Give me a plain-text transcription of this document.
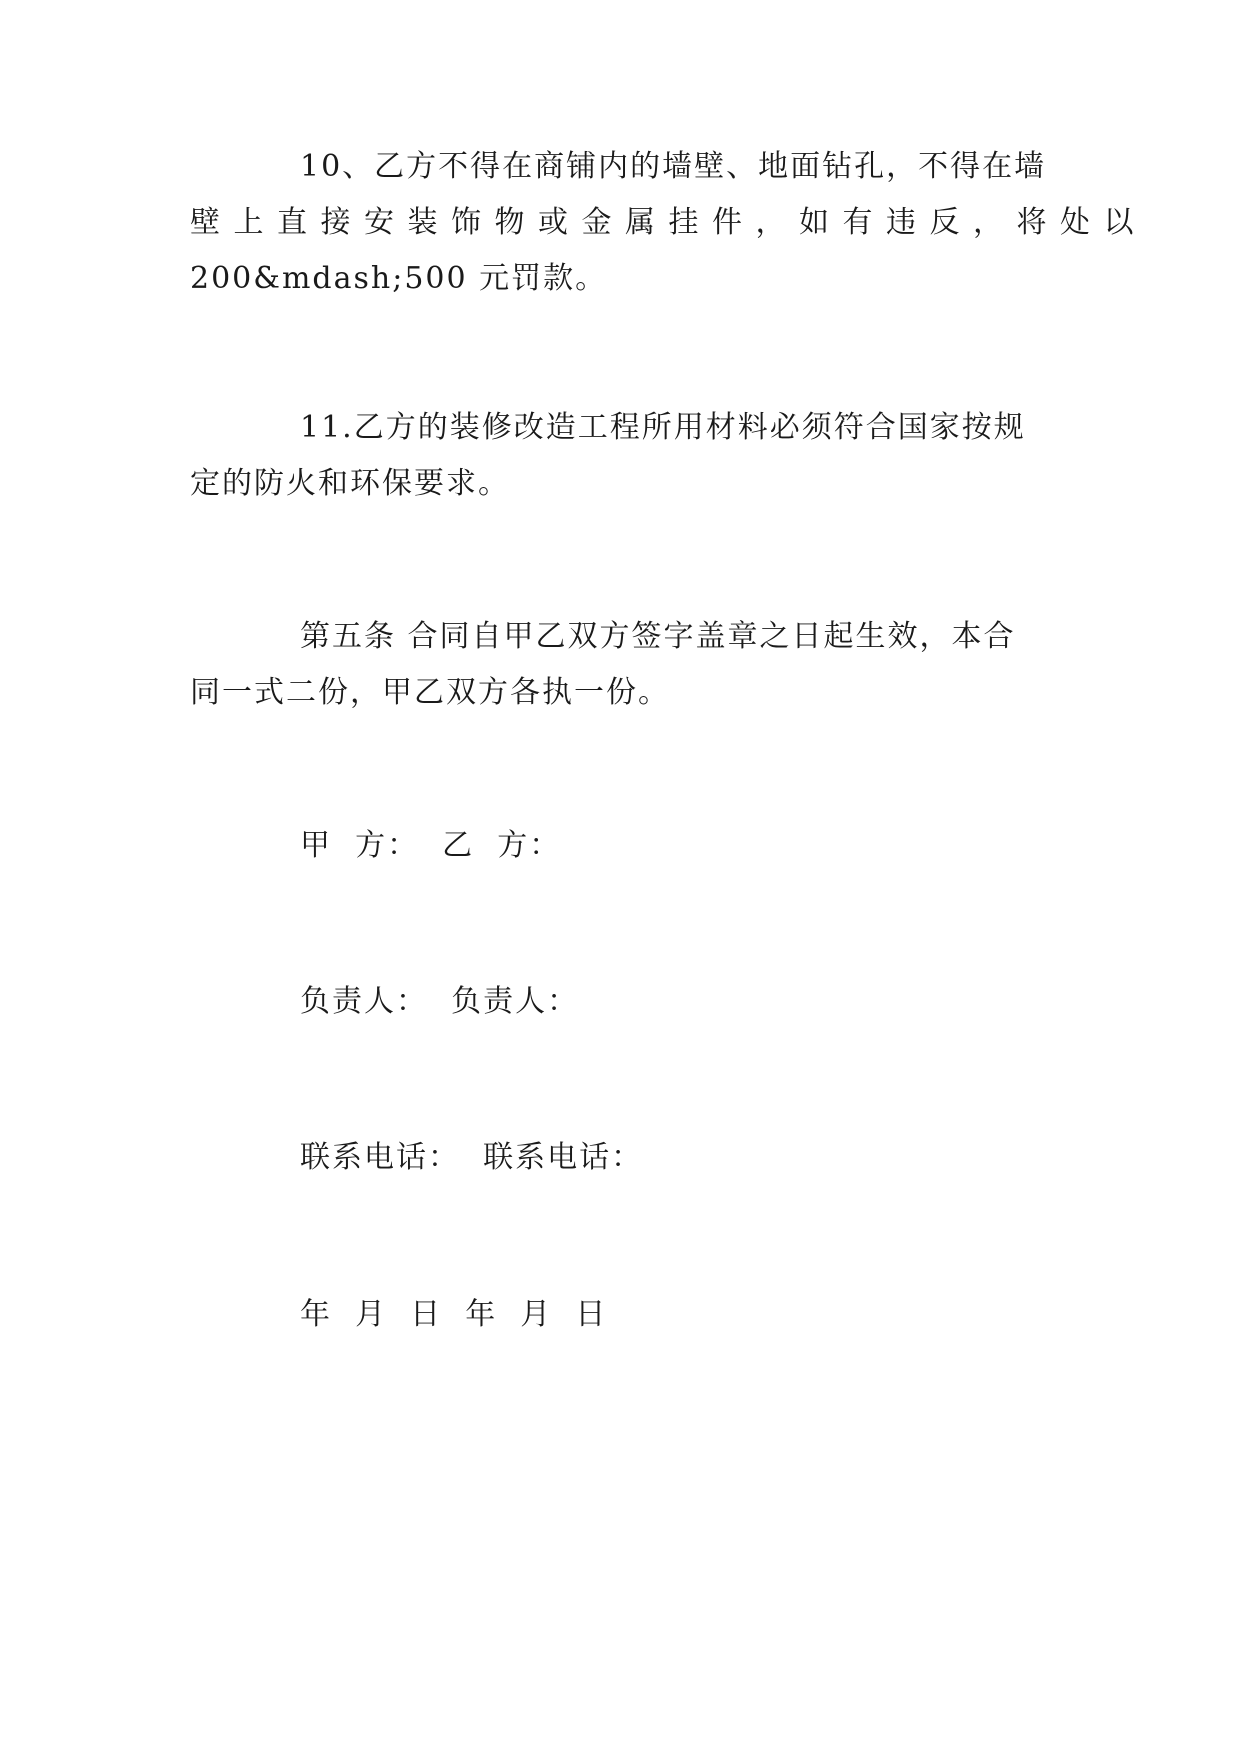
10、乙方不得在商铺内的墙壁、地面钻孔，不得在墙
壁上直接安装饰物或金属挂件，如有违反，将处以
200&mdash;500 元罚款。
11.乙方的装修改造工程所用材料必须符合国家按规
定的防火和环保要求。
第五条 合同自甲乙双方签字盖章之日起生效，本合
同一式二份，甲乙双方各执一份。
甲  方：  乙  方：
负责人：  负责人：
联系电话：  联系电话：
年  月  日  年  月  日
